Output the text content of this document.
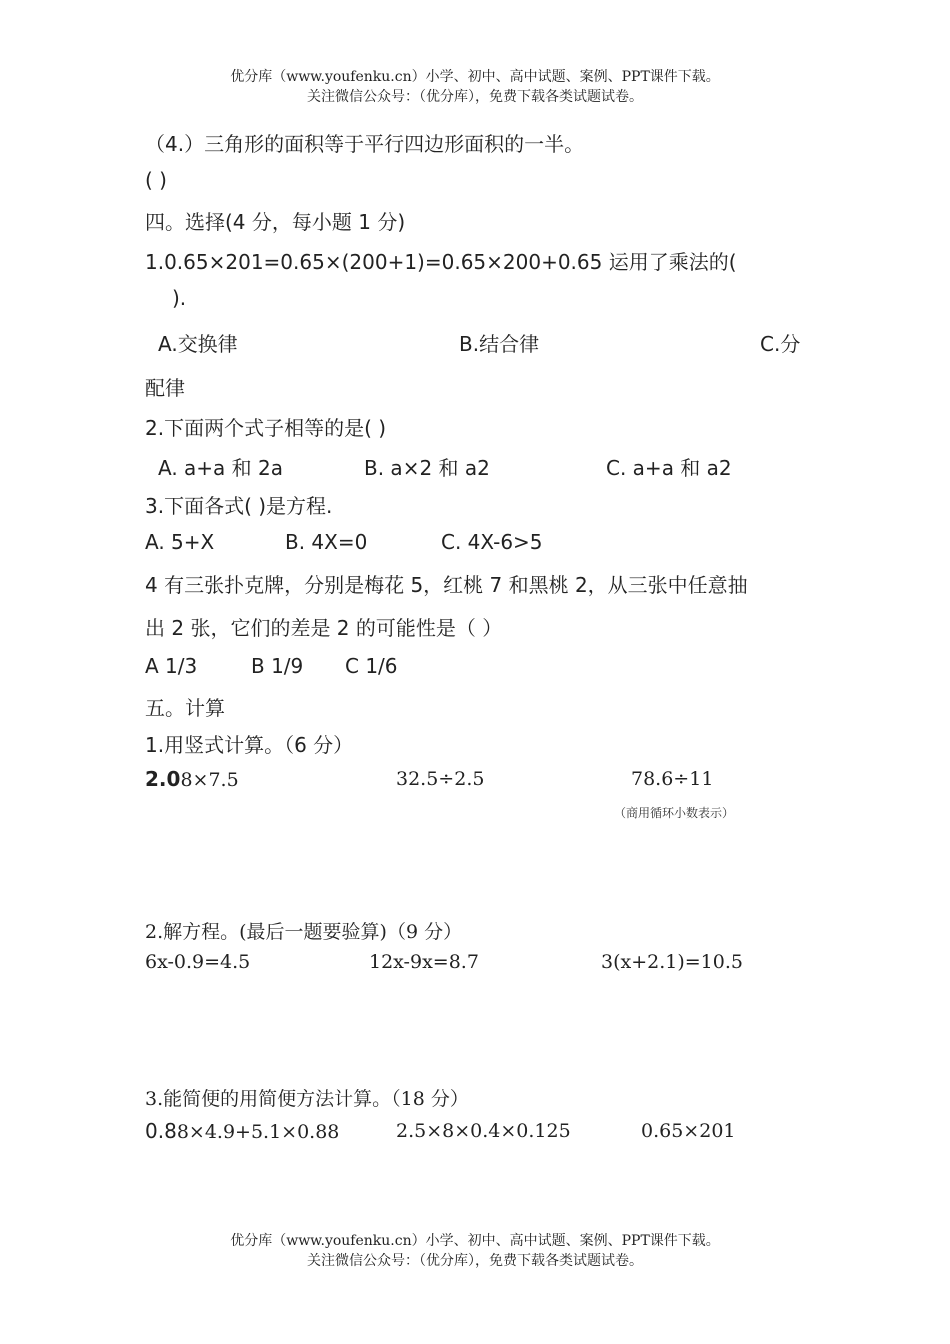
优分库（www.youfenku.cn）小学、初中、高中试题、案例、PPT课件下载。
关注微信公众号：（优分库），免费下载各类试题试卷。
（4.）三角形的面积等于平行四边形面积的一半。
( )
四。选择(4 分，每小题 1 分)
1.0.65×201=0.65×(200+1)=0.65×200+0.65 运用了乘法的(
).
A.交换律	B.结合律	C.分
配律
2.下面两个式子相等的是( )
A. a+a 和 2a	B. a×2 和 a2	C. a+a 和 a2
3.下面各式( )是方程.
A. 5+X	B. 4X=0	C. 4X-6>5
4 有三张扑克牌，分别是梅花 5，红桃 7 和黑桃 2，从三张中任意抽
出 2 张，它们的差是 2 的可能性是（ ）
A 1/3	B 1/9 C 1/6
五。计算
1.用竖式计算。（6 分）
2.08×7.5	32.5÷2.5	78.6÷11
（商用循环小数表示）
2.解方程。(最后一题要验算)（9 分）
6x-0.9=4.5	12x-9x=8.7	3(x+2.1)=10.5
3.能简便的用简便方法计算。（18 分）
0.88×4.9+5.1×0.88	2.5×8×0.4×0.125	0.65×201
优分库（www.youfenku.cn）小学、初中、高中试题、案例、PPT课件下载。
关注微信公众号：（优分库），免费下载各类试题试卷。
